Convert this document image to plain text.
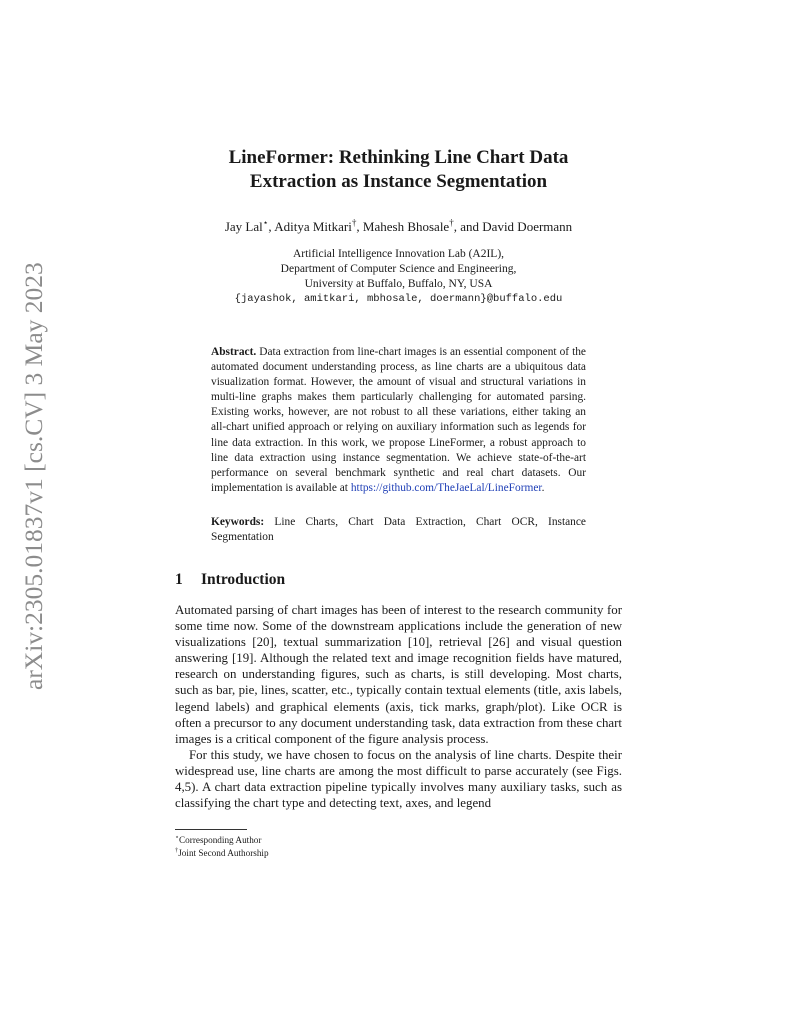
arXiv:2305.01837v1 [cs.CV] 3 May 2023
LineFormer: Rethinking Line Chart Data
Extraction as Instance Segmentation
Jay Lal⋆, Aditya Mitkari†, Mahesh Bhosale†, and David Doermann
Artificial Intelligence Innovation Lab (A2IL),
Department of Computer Science and Engineering,
University at Buffalo, Buffalo, NY, USA
{jayashok, amitkari, mbhosale, doermann}@buffalo.edu
Abstract. Data extraction from line-chart images is an essential component of the automated document understanding process, as line charts are a ubiquitous data visualization format. However, the amount of visual and structural variations in multi-line graphs makes them particularly challenging for automated parsing. Existing works, however, are not robust to all these variations, either taking an all-chart unified approach or relying on auxiliary information such as legends for line data extraction. In this work, we propose LineFormer, a robust approach to line data extraction using instance segmentation. We achieve state-of-the-art performance on several benchmark synthetic and real chart datasets. Our implementation is available at https://github.com/TheJaeLal/LineFormer.
Keywords: Line Charts, Chart Data Extraction, Chart OCR, Instance Segmentation
1 Introduction

Automated parsing of chart images has been of interest to the research community for some time now. Some of the downstream applications include the generation of new visualizations [20], textual summarization [10], retrieval [26] and visual question answering [19]. Although the related text and image recognition fields have matured, research on understanding figures, such as charts, is still developing. Most charts, such as bar, pie, lines, scatter, etc., typically contain textual elements (title, axis labels, legend labels) and graphical elements (axis, tick marks, graph/plot). Like OCR is often a precursor to any document understanding task, data extraction from these chart images is a critical component of the figure analysis process.

For this study, we have chosen to focus on the analysis of line charts. Despite their widespread use, line charts are among the most difficult to parse accurately (see Figs. 4,5). A chart data extraction pipeline typically involves many auxiliary tasks, such as classifying the chart type and detecting text, axes, and legend

⋆Corresponding Author
†Joint Second Authorship
